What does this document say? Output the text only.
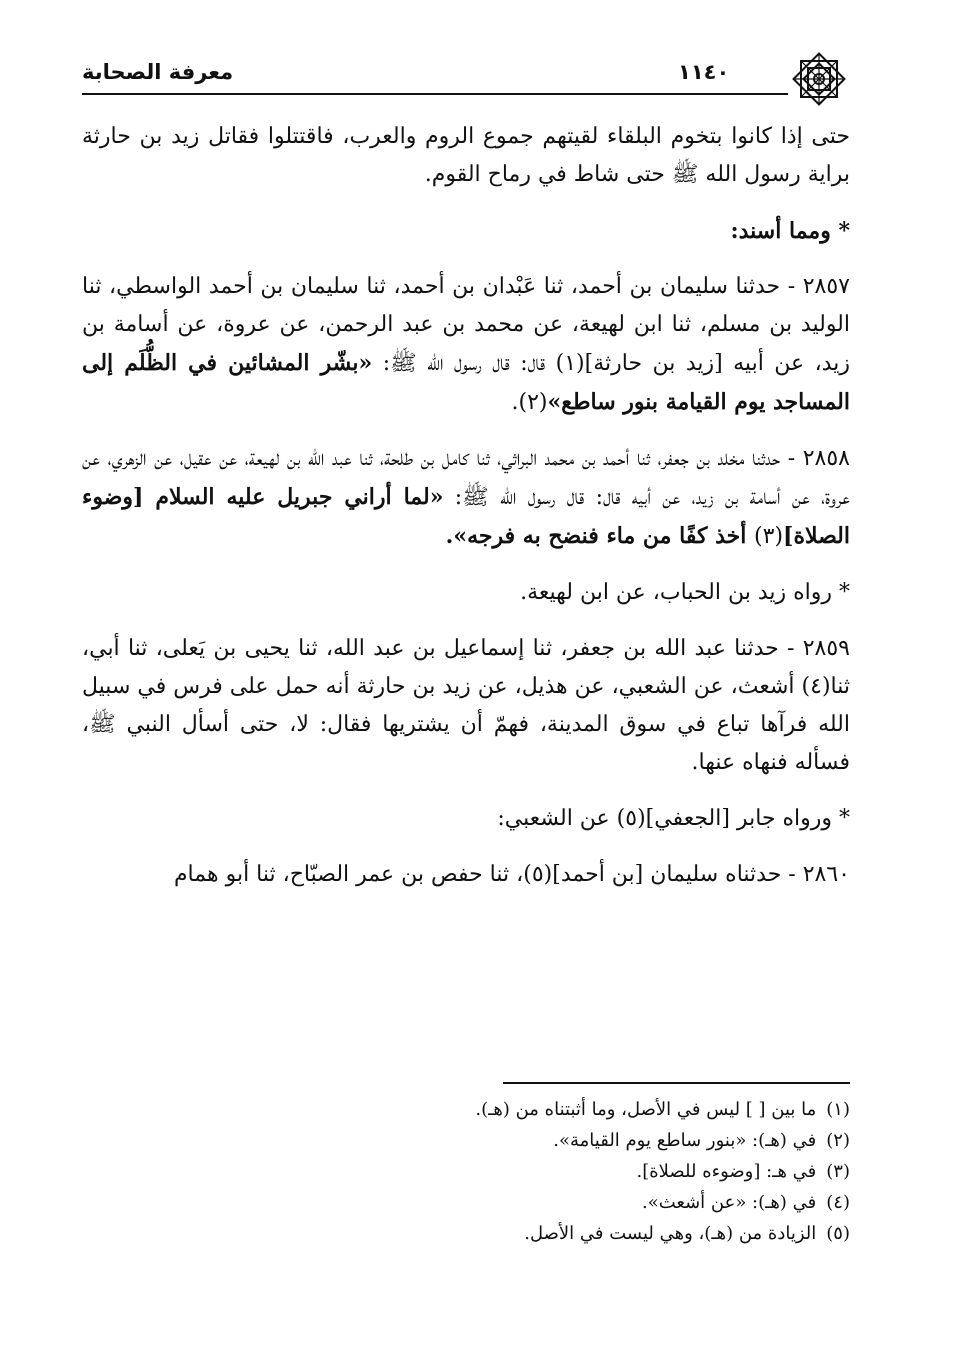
معرفة الصحابة	١١٤٠

حتى إذا كانوا بتخوم البلقاء لقيتهم جموع الروم والعرب، فاقتتلوا فقاتل زيد بن حارثة براية رسول الله ﷺ حتى شاط في رماح القوم.

* ومما أسند:

٢٨٥٧ - حدثنا سليمان بن أحمد، ثنا عَبْدان بن أحمد، ثنا سليمان بن أحمد الواسطي، ثنا الوليد بن مسلم، ثنا ابن لهيعة، عن محمد بن عبد الرحمن، عن عروة، عن أسامة بن زيد، عن أبيه [زيد بن حارثة](١) قال: قال رسول الله ﷺ: «بشّر المشائين في الظُّلَم إلى المساجد يوم القيامة بنور ساطع»(٢).

٢٨٥٨ - حدثنا مخلد بن جعفر، ثنا أحمد بن محمد البراثي، ثنا كامل بن طلحة، ثنا عبد الله بن لهيعة، عن عقيل، عن الزهري، عن عروة، عن أسامة بن زيد، عن أبيه قال: قال رسول الله ﷺ: «لما أراني جبريل عليه السلام [وضوء الصلاة](٣) أخذ كفًا من ماء فنضح به فرجه».

* رواه زيد بن الحباب، عن ابن لهيعة.

٢٨٥٩ - حدثنا عبد الله بن جعفر، ثنا إسماعيل بن عبد الله، ثنا يحيى بن يَعلى، ثنا أبي، ثنا(٤) أشعث، عن الشعبي، عن هذيل، عن زيد بن حارثة أنه حمل على فرس في سبيل الله فرآها تباع في سوق المدينة، فهمّ أن يشتريها فقال: لا، حتى أسأل النبي ﷺ، فسأله فنهاه عنها.

* ورواه جابر [الجعفي](٥) عن الشعبي:

٢٨٦٠ - حدثناه سليمان [بن أحمد](٥)، ثنا حفص بن عمر الصبّاح، ثنا أبو همام

(١)
ما بين [ ] ليس في الأصل، وما أثبتناه من (هـ).
(٢)
في (هـ): «بنور ساطع يوم القيامة».
(٣)
في هـ: [وضوءه للصلاة].
(٤)
في (هـ): «عن أشعث».
(٥)
الزيادة من (هـ)، وهي ليست في الأصل.
